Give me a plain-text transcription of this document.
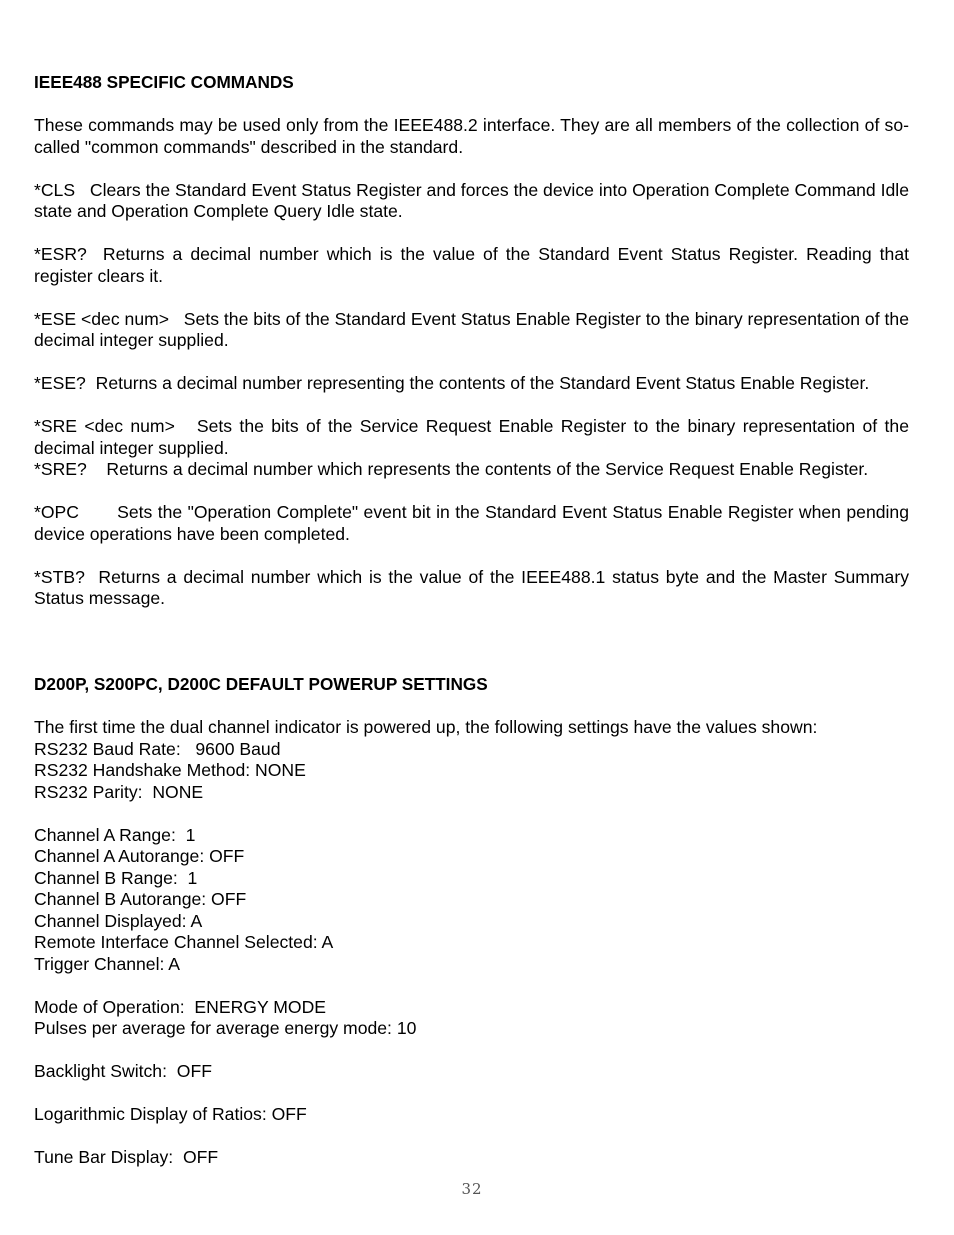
IEEE488 SPECIFIC COMMANDS

These commands may be used only from the IEEE488.2 interface. They are all members of the collection of so-called "common commands" described in the standard.

*CLS Clears the Standard Event Status Register and forces the device into Operation Complete Command Idle state and Operation Complete Query Idle state.

*ESR? Returns a decimal number which is the value of the Standard Event Status Register. Reading that register clears it.

*ESE <dec num> Sets the bits of the Standard Event Status Enable Register to the binary representation of the decimal integer supplied.

*ESE? Returns a decimal number representing the contents of the Standard Event Status Enable Register.

*SRE <dec num> Sets the bits of the Service Request Enable Register to the binary representation of the decimal integer supplied.

*SRE? Returns a decimal number which represents the contents of the Service Request Enable Register.

*OPC Sets the "Operation Complete" event bit in the Standard Event Status Enable Register when pending device operations have been completed.

*STB? Returns a decimal number which is the value of the IEEE488.1 status byte and the Master Summary Status message.

D200P, S200PC, D200C DEFAULT POWERUP SETTINGS
The first time the dual channel indicator is powered up, the following settings have the values shown:
RS232 Baud Rate:   9600 Baud
RS232 Handshake Method: NONE
RS232 Parity:  NONE
Channel A Range:  1
Channel A Autorange: OFF
Channel B Range:  1
Channel B Autorange: OFF
Channel Displayed: A
Remote Interface Channel Selected: A
Trigger Channel: A
Mode of Operation:  ENERGY MODE
Pulses per average for average energy mode: 10
Backlight Switch:  OFF
Logarithmic Display of Ratios: OFF
Tune Bar Display:  OFF
32
